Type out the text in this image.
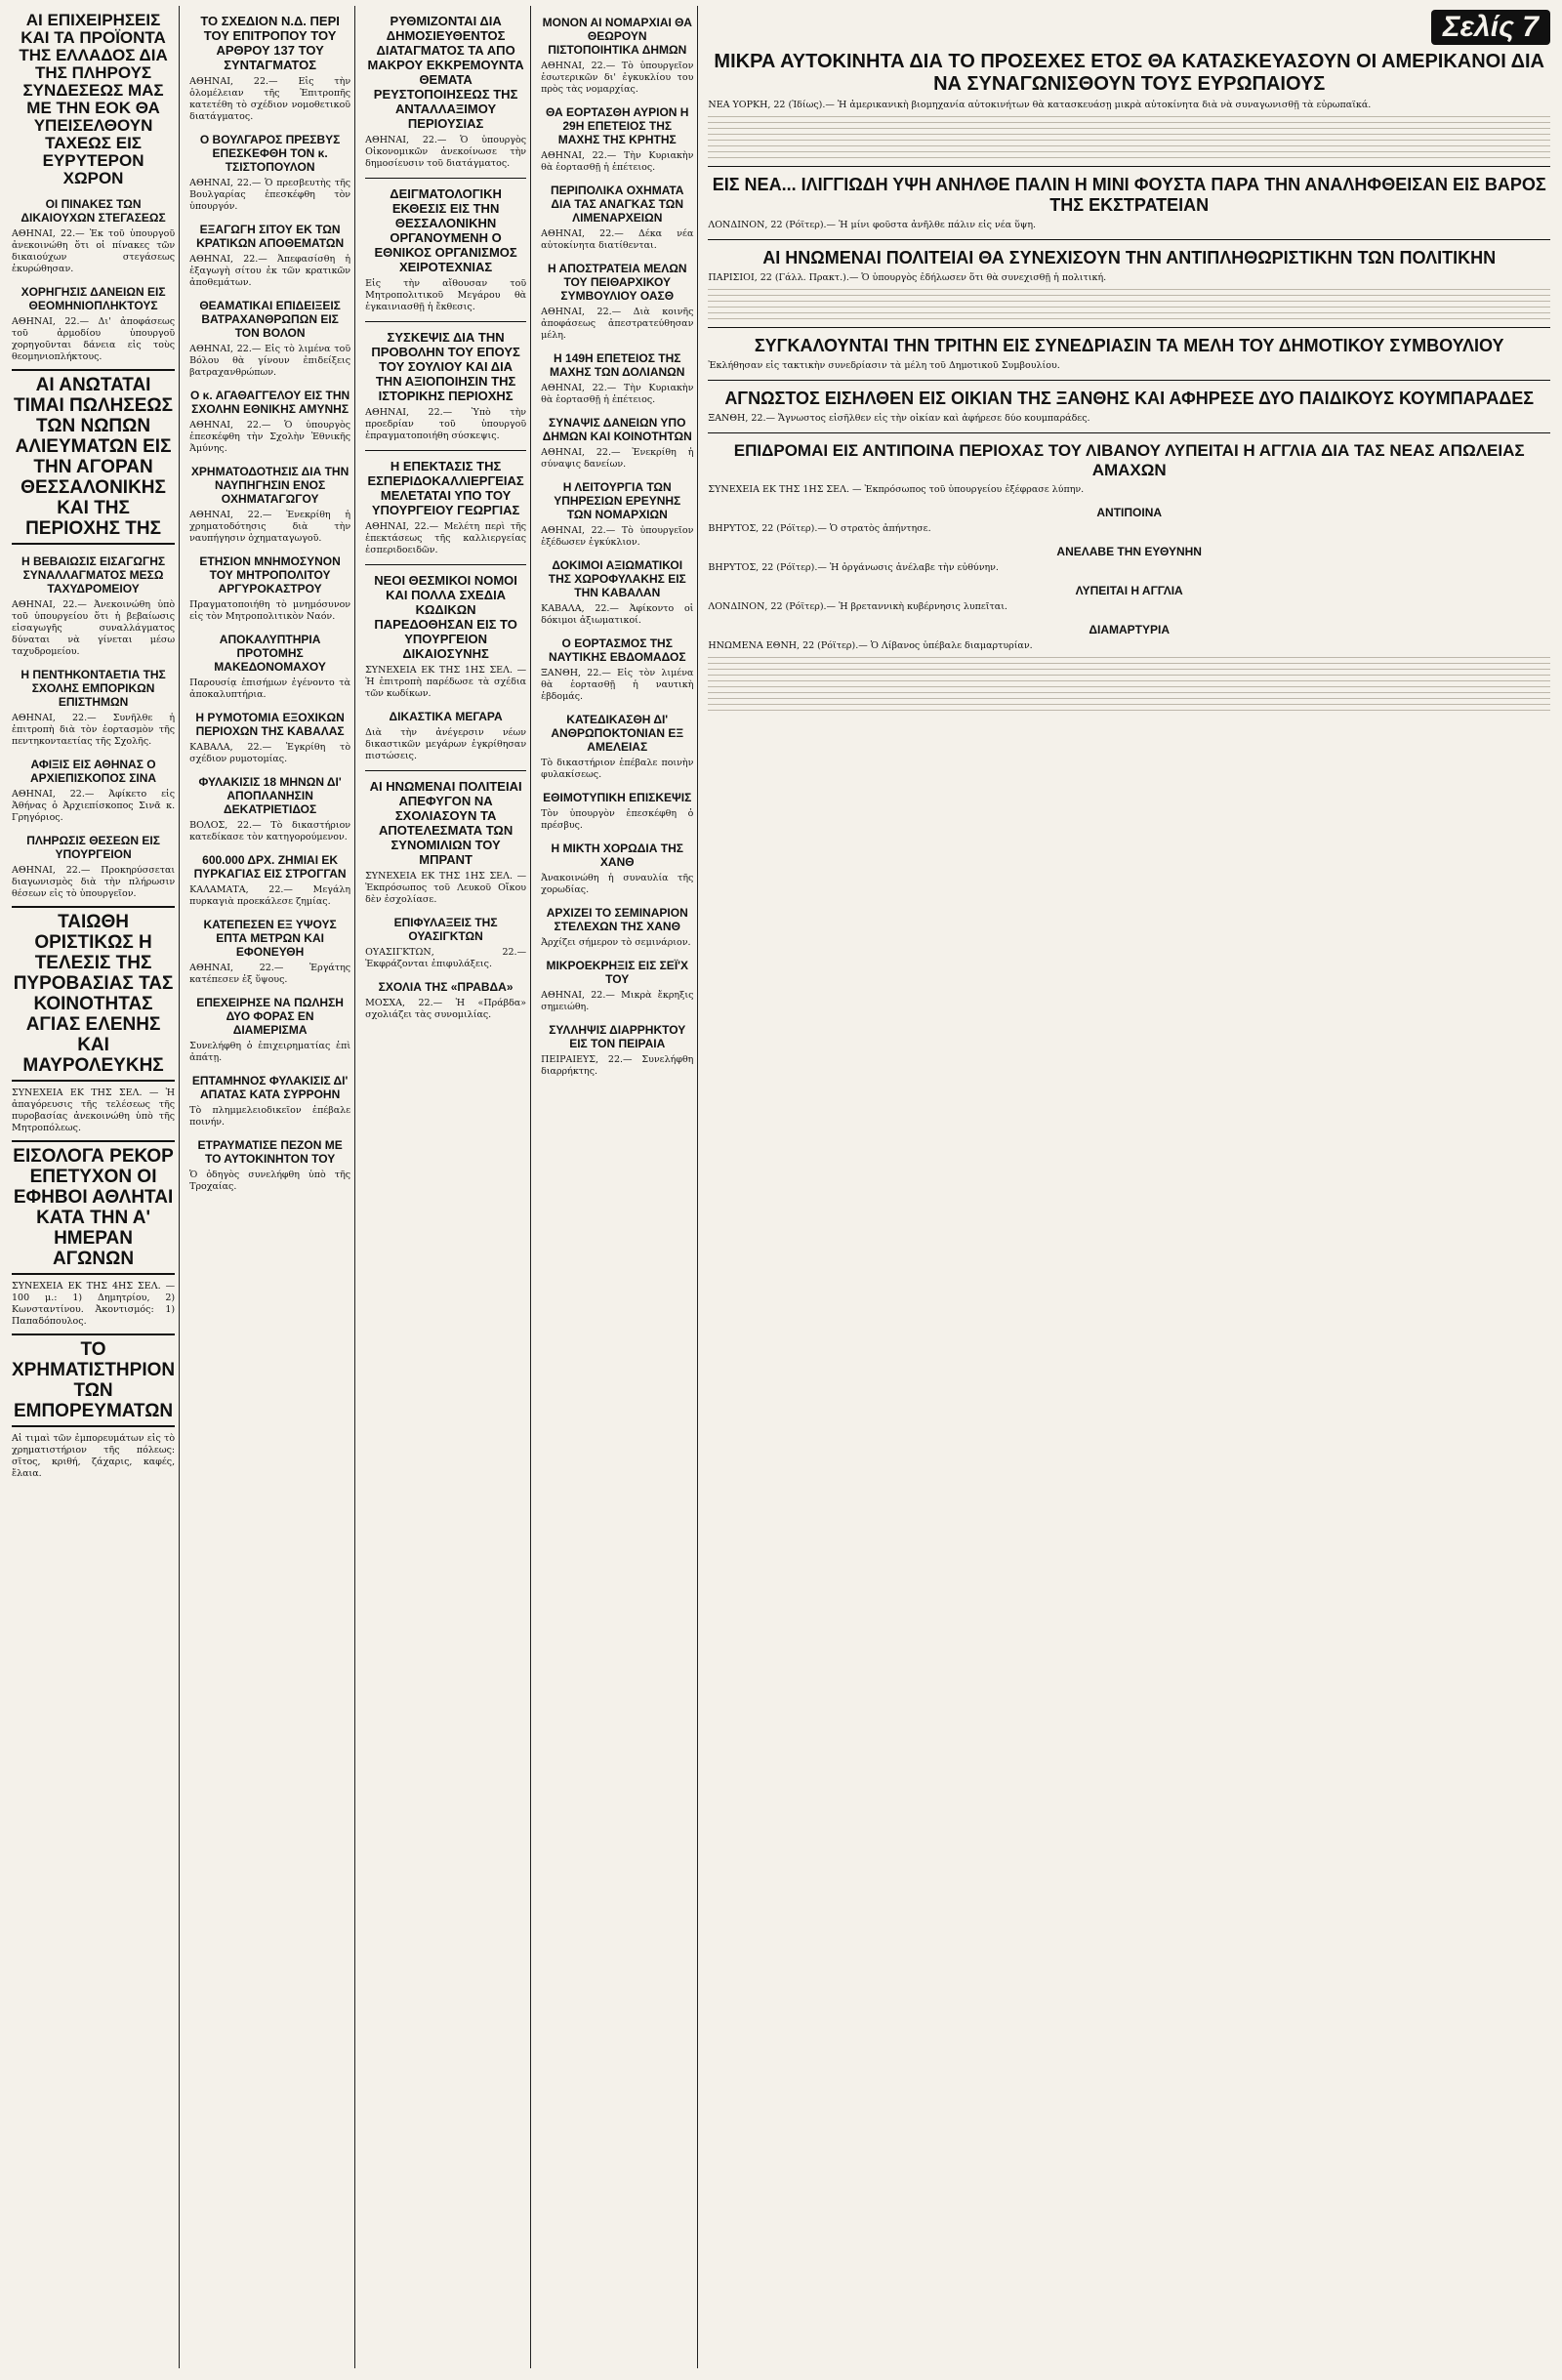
ΑΙ ΕΠΙΧΕΙΡΗΣΕΙΣ ΚΑΙ ΤΑ ΠΡΟΪΟΝΤΑ ΤΗΣ ΕΛΛΑΔΟΣ ΔΙΑ ΤΗΣ ΠΛΗΡΟΥΣ ΣΥΝΔΕΣΕΩΣ ΜΑΣ ΜΕ ΤΗΝ ΕΟΚ ΘΑ ΥΠΕΙΣΕΛΘΟΥΝ ΤΑΧΕΩΣ ΕΙΣ ΕΥΡΥΤΕΡΟΝ ΧΩΡΟΝ
ΟΙ ΠΙΝΑΚΕΣ ΤΩΝ ΔΙΚΑΙΟΥΧΩΝ ΣΤΕΓΑΣΕΩΣ

ΑΘΗΝΑΙ, 22.— Ἐκ τοῦ ὑπουργοῦ ἀνεκοινώθη ὅτι οἱ πίνακες τῶν δικαιούχων στεγάσεως ἐκυρώθησαν.

ΧΟΡΗΓΗΣΙΣ ΔΑΝΕΙΩΝ ΕΙΣ ΘΕΟΜΗΝΙΟΠΛΗΚΤΟΥΣ

ΑΘΗΝΑΙ, 22.— Δι' ἀποφάσεως τοῦ ἁρμοδίου ὑπουργοῦ χορηγοῦνται δάνεια εἰς τοὺς θεομηνιοπλήκτους.

ΑΙ ΑΝΩΤΑΤΑΙ ΤΙΜΑΙ ΠΩΛΗΣΕΩΣ ΤΩΝ ΝΩΠΩΝ ΑΛΙΕΥΜΑΤΩΝ ΕΙΣ ΤΗΝ ΑΓΟΡΑΝ ΘΕΣΣΑΛΟΝΙΚΗΣ ΚΑΙ ΤΗΣ ΠΕΡΙΟΧΗΣ ΤΗΣ
Η ΒΕΒΑΙΩΣΙΣ ΕΙΣΑΓΩΓΗΣ ΣΥΝΑΛΛΑΓΜΑΤΟΣ ΜΕΣΩ ΤΑΧΥΔΡΟΜΕΙΟΥ

ΑΘΗΝΑΙ, 22.— Ἀνεκοινώθη ὑπὸ τοῦ ὑπουργείου ὅτι ἡ βεβαίωσις εἰσαγωγῆς συναλλάγματος δύναται νὰ γίνεται μέσω ταχυδρομείου.

Η ΠΕΝΤΗΚΟΝΤΑΕΤΙΑ ΤΗΣ ΣΧΟΛΗΣ ΕΜΠΟΡΙΚΩΝ ΕΠΙΣΤΗΜΩΝ

ΑΘΗΝΑΙ, 22.— Συνῆλθε ἡ ἐπιτροπὴ διὰ τὸν ἑορτασμὸν τῆς πεντηκονταετίας τῆς Σχολῆς.

ΑΦΙΞΙΣ ΕΙΣ ΑΘΗΝΑΣ Ο ΑΡΧΙΕΠΙΣΚΟΠΟΣ ΣΙΝΑ

ΑΘΗΝΑΙ, 22.— Ἀφίκετο εἰς Ἀθήνας ὁ Ἀρχιεπίσκοπος Σινᾶ κ. Γρηγόριος.

ΠΛΗΡΩΣΙΣ ΘΕΣΕΩΝ ΕΙΣ ΥΠΟΥΡΓΕΙΟΝ

ΑΘΗΝΑΙ, 22.— Προκηρύσσεται διαγωνισμὸς διὰ τὴν πλήρωσιν θέσεων εἰς τὸ ὑπουργεῖον.

ΤΑΙΩΘΗ ΟΡΙΣΤΙΚΩΣ Η ΤΕΛΕΣΙΣ ΤΗΣ ΠΥΡΟΒΑΣΙΑΣ ΤΑΣ ΚΟΙΝΟΤΗΤΑΣ ΑΓΙΑΣ ΕΛΕΝΗΣ ΚΑΙ ΜΑΥΡΟΛΕΥΚΗΣ

ΣΥΝΕΧΕΙΑ ΕΚ ΤΗΣ ΣΕΛ. — Ἡ ἀπαγόρευσις τῆς τελέσεως τῆς πυροβασίας ἀνεκοινώθη ὑπὸ τῆς Μητροπόλεως.

ΕΙΣΟΛΟΓΑ ΡΕΚΟΡ ΕΠΕΤΥΧΟΝ ΟΙ ΕΦΗΒΟΙ ΑΘΛΗΤΑΙ ΚΑΤΑ ΤΗΝ Α' ΗΜΕΡΑΝ ΑΓΩΝΩΝ

ΣΥΝΕΧΕΙΑ ΕΚ ΤΗΣ 4ΗΣ ΣΕΛ. — 100 μ.: 1) Δημητρίου, 2) Κωνσταντίνου. Ἀκοντισμός: 1) Παπαδόπουλος.

ΤΟ ΧΡΗΜΑΤΙΣΤΗΡΙΟΝ ΤΩΝ ΕΜΠΟΡΕΥΜΑΤΩΝ

Αἱ τιμαὶ τῶν ἐμπορευμάτων εἰς τὸ χρηματιστήριον τῆς πόλεως: σῖτος, κριθή, ζάχαρις, καφές, ἔλαια.

ΤΟ ΣΧΕΔΙΟΝ Ν.Δ. ΠΕΡΙ ΤΟΥ ΕΠΙΤΡΟΠΟΥ ΤΟΥ ΑΡΘΡΟΥ 137 ΤΟΥ ΣΥΝΤΑΓΜΑΤΟΣ

ΑΘΗΝΑΙ, 22.— Εἰς τὴν ὁλομέλειαν τῆς Ἐπιτροπῆς κατετέθη τὸ σχέδιον νομοθετικοῦ διατάγματος.

Ο ΒΟΥΛΓΑΡΟΣ ΠΡΕΣΒΥΣ ΕΠΕΣΚΕΦΘΗ ΤΟΝ κ. ΤΣΙΣΤΟΠΟΥΛΟΝ

ΑΘΗΝΑΙ, 22.— Ὁ πρεσβευτὴς τῆς Βουλγαρίας ἐπεσκέφθη τὸν ὑπουργόν.

ΕΞΑΓΩΓΗ ΣΙΤΟΥ ΕΚ ΤΩΝ ΚΡΑΤΙΚΩΝ ΑΠΟΘΕΜΑΤΩΝ

ΑΘΗΝΑΙ, 22.— Ἀπεφασίσθη ἡ ἐξαγωγὴ σίτου ἐκ τῶν κρατικῶν ἀποθεμάτων.

ΘΕΑΜΑΤΙΚΑΙ ΕΠΙΔΕΙΞΕΙΣ ΒΑΤΡΑΧΑΝΘΡΩΠΩΝ ΕΙΣ ΤΟΝ ΒΟΛΟΝ

ΑΘΗΝΑΙ, 22.— Εἰς τὸ λιμένα τοῦ Βόλου θὰ γίνουν ἐπιδείξεις βατραχανθρώπων.

Ο κ. ΑΓΑΘΑΓΓΕΛΟΥ ΕΙΣ ΤΗΝ ΣΧΟΛΗΝ ΕΘΝΙΚΗΣ ΑΜΥΝΗΣ

ΑΘΗΝΑΙ, 22.— Ὁ ὑπουργὸς ἐπεσκέφθη τὴν Σχολὴν Ἐθνικῆς Ἀμύνης.

ΧΡΗΜΑΤΟΔΟΤΗΣΙΣ ΔΙΑ ΤΗΝ ΝΑΥΠΗΓΗΣΙΝ ΕΝΟΣ ΟΧΗΜΑΤΑΓΩΓΟΥ

ΑΘΗΝΑΙ, 22.— Ἐνεκρίθη ἡ χρηματοδότησις διὰ τὴν ναυπήγησιν ὀχηματαγωγοῦ.

ΕΤΗΣΙΟΝ ΜΝΗΜΟΣΥΝΟΝ ΤΟΥ ΜΗΤΡΟΠΟΛΙΤΟΥ ΑΡΓΥΡΟΚΑΣΤΡΟΥ

Πραγματοποιήθη τὸ μνημόσυνον εἰς τὸν Μητροπολιτικὸν Ναόν.

ΑΠΟΚΑΛΥΠΤΗΡΙΑ ΠΡΟΤΟΜΗΣ ΜΑΚΕΔΟΝΟΜΑΧΟΥ

Παρουσίᾳ ἐπισήμων ἐγένοντο τὰ ἀποκαλυπτήρια.

Η ΡΥΜΟΤΟΜΙΑ ΕΞΟΧΙΚΩΝ ΠΕΡΙΟΧΩΝ ΤΗΣ ΚΑΒΑΛΑΣ

ΚΑΒΑΛΑ, 22.— Ἐγκρίθη τὸ σχέδιον ρυμοτομίας.

ΦΥΛΑΚΙΣΙΣ 18 ΜΗΝΩΝ ΔΙ' ΑΠΟΠΛΑΝΗΣΙΝ ΔΕΚΑΤΡΙΕΤΙΔΟΣ

ΒΟΛΟΣ, 22.— Τὸ δικαστήριον κατεδίκασε τὸν κατηγορούμενον.

600.000 ΔΡΧ. ΖΗΜΙΑΙ ΕΚ ΠΥΡΚΑΓΙΑΣ ΕΙΣ ΣΤΡΟΓΓΑΝ

ΚΑΛΑΜΑΤΑ, 22.— Μεγάλη πυρκαγιὰ προεκάλεσε ζημίας.

ΚΑΤΕΠΕΣΕΝ ΕΞ ΥΨΟΥΣ ΕΠΤΑ ΜΕΤΡΩΝ ΚΑΙ ΕΦΟΝΕΥΘΗ

ΑΘΗΝΑΙ, 22.— Ἐργάτης κατέπεσεν ἐξ ὕψους.

ΕΠΕΧΕΙΡΗΣΕ ΝΑ ΠΩΛΗΣΗ ΔΥΟ ΦΟΡΑΣ ΕΝ ΔΙΑΜΕΡΙΣΜΑ

Συνελήφθη ὁ ἐπιχειρηματίας ἐπὶ ἀπάτῃ.

ΕΠΤΑΜΗΝΟΣ ΦΥΛΑΚΙΣΙΣ ΔΙ' ΑΠΑΤΑΣ ΚΑΤΑ ΣΥΡΡΟΗΝ

Τὸ πλημμελειοδικεῖον ἐπέβαλε ποινήν.

ΕΤΡΑΥΜΑΤΙΣΕ ΠΕΖΟΝ ΜΕ ΤΟ ΑΥΤΟΚΙΝΗΤΟΝ ΤΟΥ

Ὁ ὁδηγὸς συνελήφθη ὑπὸ τῆς Τροχαίας.

ΡΥΘΜΙΖΟΝΤΑΙ ΔΙΑ ΔΗΜΟΣΙΕΥΘΕΝΤΟΣ ΔΙΑΤΑΓΜΑΤΟΣ ΤΑ ΑΠΟ ΜΑΚΡΟΥ ΕΚΚΡΕΜΟΥΝΤΑ ΘΕΜΑΤΑ ΡΕΥΣΤΟΠΟΙΗΣΕΩΣ ΤΗΣ ΑΝΤΑΛΛΑΞΙΜΟΥ ΠΕΡΙΟΥΣΙΑΣ

ΑΘΗΝΑΙ, 22.— Ὁ ὑπουργὸς Οἰκονομικῶν ἀνεκοίνωσε τὴν δημοσίευσιν τοῦ διατάγματος.

ΔΕΙΓΜΑΤΟΛΟΓΙΚΗ ΕΚΘΕΣΙΣ ΕΙΣ ΤΗΝ ΘΕΣΣΑΛΟΝΙΚΗΝ ΟΡΓΑΝΟΥΜΕΝΗ Ο ΕΘΝΙΚΟΣ ΟΡΓΑΝΙΣΜΟΣ ΧΕΙΡΟΤΕΧΝΙΑΣ

Εἰς τὴν αἴθουσαν τοῦ Μητροπολιτικοῦ Μεγάρου θὰ ἐγκαινιασθῇ ἡ ἔκθεσις.

ΣΥΣΚΕΨΙΣ ΔΙΑ ΤΗΝ ΠΡΟΒΟΛΗΝ ΤΟΥ ΕΠΟΥΣ ΤΟΥ ΣΟΥΛΙΟΥ ΚΑΙ ΔΙΑ ΤΗΝ ΑΞΙΟΠΟΙΗΣΙΝ ΤΗΣ ΙΣΤΟΡΙΚΗΣ ΠΕΡΙΟΧΗΣ

ΑΘΗΝΑΙ, 22.— Ὑπὸ τὴν προεδρίαν τοῦ ὑπουργοῦ ἐπραγματοποιήθη σύσκεψις.

Η ΕΠΕΚΤΑΣΙΣ ΤΗΣ ΕΣΠΕΡΙΔΟΚΑΛΛΙΕΡΓΕΙΑΣ ΜΕΛΕΤΑΤΑΙ ΥΠΟ ΤΟΥ ΥΠΟΥΡΓΕΙΟΥ ΓΕΩΡΓΙΑΣ

ΑΘΗΝΑΙ, 22.— Μελέτη περὶ τῆς ἐπεκτάσεως τῆς καλλιεργείας ἐσπεριδοειδῶν.

ΝΕΟΙ ΘΕΣΜΙΚΟΙ ΝΟΜΟΙ ΚΑΙ ΠΟΛΛΑ ΣΧΕΔΙΑ ΚΩΔΙΚΩΝ ΠΑΡΕΔΟΘΗΣΑΝ ΕΙΣ ΤΟ ΥΠΟΥΡΓΕΙΟΝ ΔΙΚΑΙΟΣΥΝΗΣ

ΣΥΝΕΧΕΙΑ ΕΚ ΤΗΣ 1ΗΣ ΣΕΛ. — Ἡ ἐπιτροπὴ παρέδωσε τὰ σχέδια τῶν κωδίκων.

ΔΙΚΑΣΤΙΚΑ ΜΕΓΑΡΑ

Διὰ τὴν ἀνέγερσιν νέων δικαστικῶν μεγάρων ἐγκρίθησαν πιστώσεις.

ΑΙ ΗΝΩΜΕΝΑΙ ΠΟΛΙΤΕΙΑΙ ΑΠΕΦΥΓΟΝ ΝΑ ΣΧΟΛΙΑΣΟΥΝ ΤΑ ΑΠΟΤΕΛΕΣΜΑΤΑ ΤΩΝ ΣΥΝΟΜΙΛΙΩΝ ΤΟΥ ΜΠΡΑΝΤ

ΣΥΝΕΧΕΙΑ ΕΚ ΤΗΣ 1ΗΣ ΣΕΛ. — Ἐκπρόσωπος τοῦ Λευκοῦ Οἴκου δὲν ἐσχολίασε.

ΕΠΙΦΥΛΑΞΕΙΣ ΤΗΣ ΟΥΑΣΙΓΚΤΩΝ

ΟΥΑΣΙΓΚΤΩΝ, 22.— Ἐκφράζονται ἐπιφυλάξεις.

ΣΧΟΛΙΑ ΤΗΣ «ΠΡΑΒΔΑ»

ΜΟΣΧΑ, 22.— Ἡ «Πράβδα» σχολιάζει τὰς συνομιλίας.

ΜΟΝΟΝ ΑΙ ΝΟΜΑΡΧΙΑΙ ΘΑ ΘΕΩΡΟΥΝ ΠΙΣΤΟΠΟΙΗΤΙΚΑ ΔΗΜΩΝ

ΑΘΗΝΑΙ, 22.— Τὸ ὑπουργεῖον ἐσωτερικῶν δι' ἐγκυκλίου του πρὸς τὰς νομαρχίας.

ΘΑ ΕΟΡΤΑΣΘΗ ΑΥΡΙΟΝ Η 29Η ΕΠΕΤΕΙΟΣ ΤΗΣ ΜΑΧΗΣ ΤΗΣ ΚΡΗΤΗΣ

ΑΘΗΝΑΙ, 22.— Τὴν Κυριακὴν θὰ ἑορτασθῇ ἡ ἐπέτειος.

ΠΕΡΙΠΟΛΙΚΑ ΟΧΗΜΑΤΑ ΔΙΑ ΤΑΣ ΑΝΑΓΚΑΣ ΤΩΝ ΛΙΜΕΝΑΡΧΕΙΩΝ

ΑΘΗΝΑΙ, 22.— Δέκα νέα αὐτοκίνητα διατίθενται.

Η ΑΠΟΣΤΡΑΤΕΙΑ ΜΕΛΩΝ ΤΟΥ ΠΕΙΘΑΡΧΙΚΟΥ ΣΥΜΒΟΥΛΙΟΥ ΟΑΣΘ

ΑΘΗΝΑΙ, 22.— Διὰ κοινῆς ἀποφάσεως ἀπεστρατεύθησαν μέλη.

Η 149Η ΕΠΕΤΕΙΟΣ ΤΗΣ ΜΑΧΗΣ ΤΩΝ ΔΟΛΙΑΝΩΝ

ΑΘΗΝΑΙ, 22.— Τὴν Κυριακὴν θὰ ἑορτασθῇ ἡ ἐπέτειος.

ΣΥΝΑΨΙΣ ΔΑΝΕΙΩΝ ΥΠΟ ΔΗΜΩΝ ΚΑΙ ΚΟΙΝΟΤΗΤΩΝ

ΑΘΗΝΑΙ, 22.— Ἐνεκρίθη ἡ σύναψις δανείων.

Η ΛΕΙΤΟΥΡΓΙΑ ΤΩΝ ΥΠΗΡΕΣΙΩΝ ΕΡΕΥΝΗΣ ΤΩΝ ΝΟΜΑΡΧΙΩΝ

ΑΘΗΝΑΙ, 22.— Τὸ ὑπουργεῖον ἐξέδωσεν ἐγκύκλιον.

ΔΟΚΙΜΟΙ ΑΞΙΩΜΑΤΙΚΟΙ ΤΗΣ ΧΩΡΟΦΥΛΑΚΗΣ ΕΙΣ ΤΗΝ ΚΑΒΑΛΑΝ

ΚΑΒΑΛΑ, 22.— Ἀφίκοντο οἱ δόκιμοι ἀξιωματικοί.

Ο ΕΟΡΤΑΣΜΟΣ ΤΗΣ ΝΑΥΤΙΚΗΣ ΕΒΔΟΜΑΔΟΣ

ΞΑΝΘΗ, 22.— Εἰς τὸν λιμένα θὰ ἑορτασθῇ ἡ ναυτικὴ ἑβδομάς.

ΚΑΤΕΔΙΚΑΣΘΗ ΔΙ' ΑΝΘΡΩΠΟΚΤΟΝΙΑΝ ΕΞ ΑΜΕΛΕΙΑΣ

Τὸ δικαστήριον ἐπέβαλε ποινὴν φυλακίσεως.

ΕΘΙΜΟΤΥΠΙΚΗ ΕΠΙΣΚΕΨΙΣ

Τὸν ὑπουργὸν ἐπεσκέφθη ὁ πρέσβυς.

Η ΜΙΚΤΗ ΧΟΡΩΔΙΑ ΤΗΣ ΧΑΝΘ

Ἀνακοινώθη ἡ συναυλία τῆς χορωδίας.

ΑΡΧΙΖΕΙ ΤΟ ΣΕΜΙΝΑΡΙΟΝ ΣΤΕΛΕΧΩΝ ΤΗΣ ΧΑΝΘ

Ἀρχίζει σήμερον τὸ σεμινάριον.

ΜΙΚΡΟΕΚΡΗΞΙΣ ΕΙΣ ΣΕΪ'Χ ΤΟΥ

ΑΘΗΝΑΙ, 22.— Μικρὰ ἔκρηξις σημειώθη.

ΣΥΛΛΗΨΙΣ ΔΙΑΡΡΗΚΤΟΥ ΕΙΣ ΤΟΝ ΠΕΙΡΑΙΑ

ΠΕΙΡΑΙΕΥΣ, 22.— Συνελήφθη διαρρήκτης.

Σελίς 7
ΜΙΚΡΑ ΑΥΤΟΚΙΝΗΤΑ ΔΙΑ ΤΟ ΠΡΟΣΕΧΕΣ ΕΤΟΣ ΘΑ ΚΑΤΑΣΚΕΥΑΣΟΥΝ ΟΙ ΑΜΕΡΙΚΑΝΟΙ ΔΙΑ ΝΑ ΣΥΝΑΓΩΝΙΣΘΟΥΝ ΤΟΥΣ ΕΥΡΩΠΑΙΟΥΣ

ΝΕΑ ΥΟΡΚΗ, 22 (Ἰδίως).— Ἡ ἀμερικανικὴ βιομηχανία αὐτοκινήτων θὰ κατασκευάσῃ μικρὰ αὐτοκίνητα διὰ νὰ συναγωνισθῇ τὰ εὐρωπαϊκά.

ΕΙΣ ΝΕΑ... ΙΛΙΓΓΙΩΔΗ ΥΨΗ ΑΝΗΛΘΕ ΠΑΛΙΝ Η ΜΙΝΙ ΦΟΥΣΤΑ ΠΑΡΑ ΤΗΝ ΑΝΑΛΗΦΘΕΙΣΑΝ ΕΙΣ ΒΑΡΟΣ ΤΗΣ ΕΚΣΤΡΑΤΕΙΑΝ

ΛΟΝΔΙΝΟΝ, 22 (Ρόϊτερ).— Ἡ μίνι φοῦστα ἀνῆλθε πάλιν εἰς νέα ὕψη.

ΑΙ ΗΝΩΜΕΝΑΙ ΠΟΛΙΤΕΙΑΙ ΘΑ ΣΥΝΕΧΙΣΟΥΝ ΤΗΝ ΑΝΤΙΠΛΗΘΩΡΙΣΤΙΚΗΝ ΤΩΝ ΠΟΛΙΤΙΚΗΝ

ΠΑΡΙΣΙΟΙ, 22 (Γάλλ. Πρακτ.).— Ὁ ὑπουργὸς ἐδήλωσεν ὅτι θὰ συνεχισθῇ ἡ πολιτική.

ΣΥΓΚΑΛΟΥΝΤΑΙ ΤΗΝ ΤΡΙΤΗΝ ΕΙΣ ΣΥΝΕΔΡΙΑΣΙΝ ΤΑ ΜΕΛΗ ΤΟΥ ΔΗΜΟΤΙΚΟΥ ΣΥΜΒΟΥΛΙΟΥ

Ἐκλήθησαν εἰς τακτικὴν συνεδρίασιν τὰ μέλη τοῦ Δημοτικοῦ Συμβουλίου.

ΑΓΝΩΣΤΟΣ ΕΙΣΗΛΘΕΝ ΕΙΣ ΟΙΚΙΑΝ ΤΗΣ ΞΑΝΘΗΣ ΚΑΙ ΑΦΗΡΕΣΕ ΔΥΟ ΠΑΙΔΙΚΟΥΣ ΚΟΥΜΠΑΡΑΔΕΣ

ΞΑΝΘΗ, 22.— Ἄγνωστος εἰσῆλθεν εἰς τὴν οἰκίαν καὶ ἀφήρεσε δύο κουμπαράδες.

ΕΠΙΔΡΟΜΑΙ ΕΙΣ ΑΝΤΙΠΟΙΝΑ ΠΕΡΙΟΧΑΣ ΤΟΥ ΛΙΒΑΝΟΥ ΛΥΠΕΙΤΑΙ Η ΑΓΓΛΙΑ ΔΙΑ ΤΑΣ ΝΕΑΣ ΑΠΩΛΕΙΑΣ ΑΜΑΧΩΝ

ΣΥΝΕΧΕΙΑ ΕΚ ΤΗΣ 1ΗΣ ΣΕΛ. — Ἐκπρόσωπος τοῦ ὑπουργείου ἐξέφρασε λύπην.

ΑΝΤΙΠΟΙΝΑ

ΒΗΡΥΤΟΣ, 22 (Ρόϊτερ).— Ὁ στρατὸς ἀπήντησε.

ΑΝΕΛΑΒΕ ΤΗΝ ΕΥΘΥΝΗΝ

ΒΗΡΥΤΟΣ, 22 (Ρόϊτερ).— Ἡ ὀργάνωσις ἀνέλαβε τὴν εὐθύνην.

ΛΥΠΕΙΤΑΙ Η ΑΓΓΛΙΑ

ΛΟΝΔΙΝΟΝ, 22 (Ρόϊτερ).— Ἡ βρεταννικὴ κυβέρνησις λυπεῖται.

ΔΙΑΜΑΡΤΥΡΙΑ

ΗΝΩΜΕΝΑ ΕΘΝΗ, 22 (Ρόϊτερ).— Ὁ Λίβανος ὑπέβαλε διαμαρτυρίαν.
